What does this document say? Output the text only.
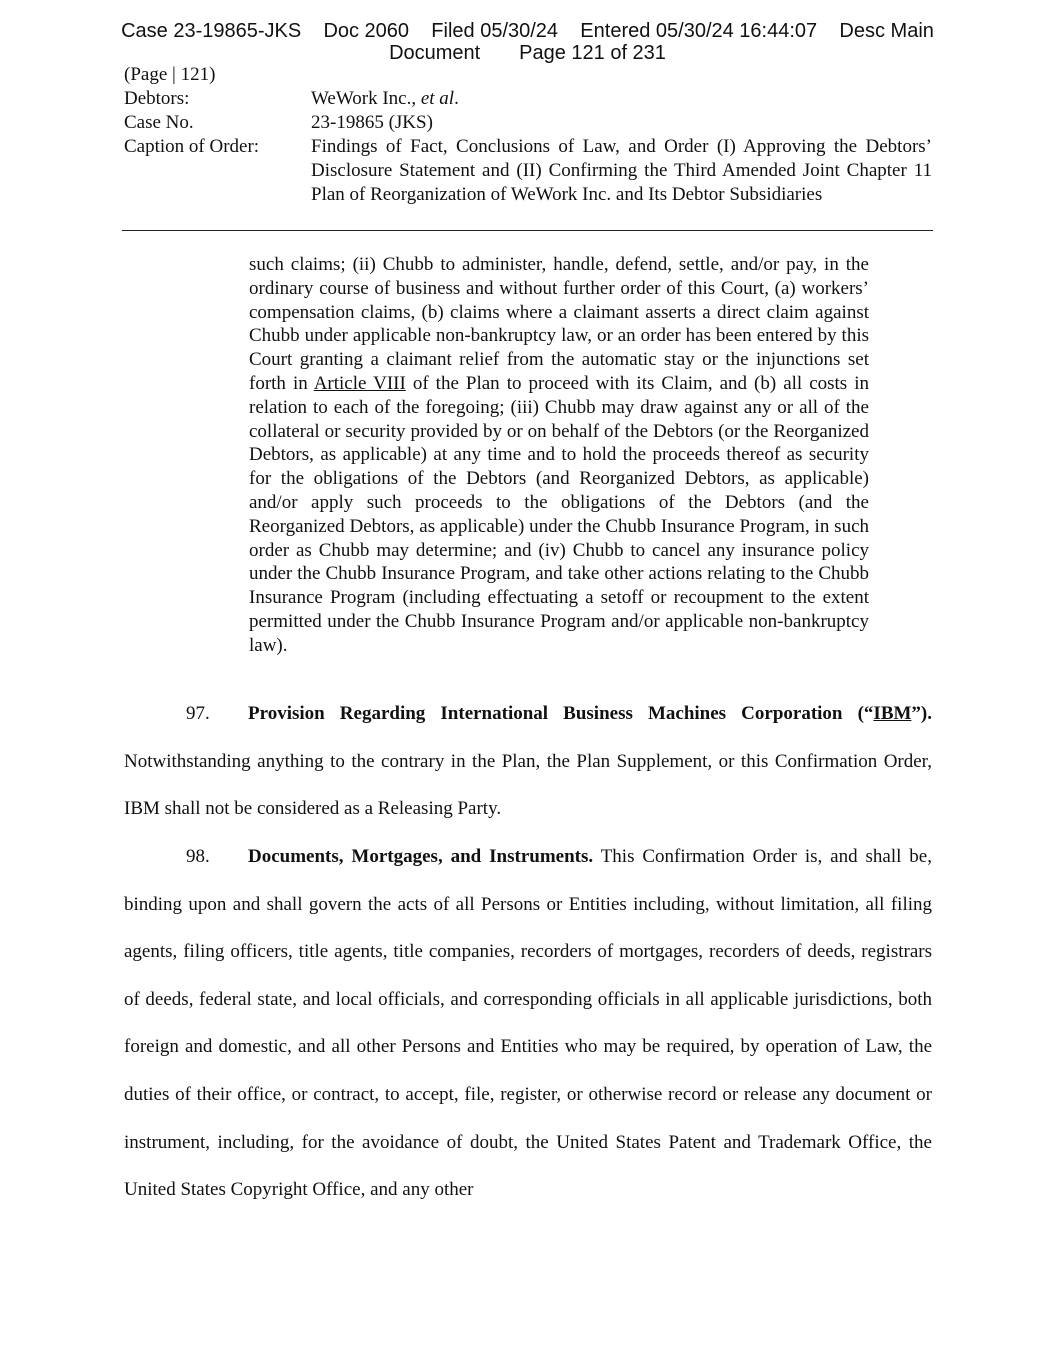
Case 23-19865-JKS Doc 2060 Filed 05/30/24 Entered 05/30/24 16:44:07 Desc Main
Document Page 121 of 231
(Page | 121)
Debtors:	WeWork Inc., et al.
Case No.	23-19865 (JKS)
Caption of Order:	Findings of Fact, Conclusions of Law, and Order (I) Approving the Debtors’ Disclosure Statement and (II) Confirming the Third Amended Joint Chapter 11 Plan of Reorganization of WeWork Inc. and Its Debtor Subsidiaries
such claims; (ii) Chubb to administer, handle, defend, settle, and/or pay, in the ordinary course of business and without further order of this Court, (a) workers’ compensation claims, (b) claims where a claimant asserts a direct claim against Chubb under applicable non-bankruptcy law, or an order has been entered by this Court granting a claimant relief from the automatic stay or the injunctions set forth in Article VIII of the Plan to proceed with its Claim, and (b) all costs in relation to each of the foregoing; (iii) Chubb may draw against any or all of the collateral or security provided by or on behalf of the Debtors (or the Reorganized Debtors, as applicable) at any time and to hold the proceeds thereof as security for the obligations of the Debtors (and Reorganized Debtors, as applicable) and/or apply such proceeds to the obligations of the Debtors (and the Reorganized Debtors, as applicable) under the Chubb Insurance Program, in such order as Chubb may determine; and (iv) Chubb to cancel any insurance policy under the Chubb Insurance Program, and take other actions relating to the Chubb Insurance Program (including effectuating a setoff or recoupment to the extent permitted under the Chubb Insurance Program and/or applicable non-bankruptcy law).

97. Provision Regarding International Business Machines Corporation (“IBM”). Notwithstanding anything to the contrary in the Plan, the Plan Supplement, or this Confirmation Order, IBM shall not be considered as a Releasing Party.

98. Documents, Mortgages, and Instruments. This Confirmation Order is, and shall be, binding upon and shall govern the acts of all Persons or Entities including, without limitation, all filing agents, filing officers, title agents, title companies, recorders of mortgages, recorders of deeds, registrars of deeds, federal state, and local officials, and corresponding officials in all applicable jurisdictions, both foreign and domestic, and all other Persons and Entities who may be required, by operation of Law, the duties of their office, or contract, to accept, file, register, or otherwise record or release any document or instrument, including, for the avoidance of doubt, the United States Patent and Trademark Office, the United States Copyright Office, and any other
